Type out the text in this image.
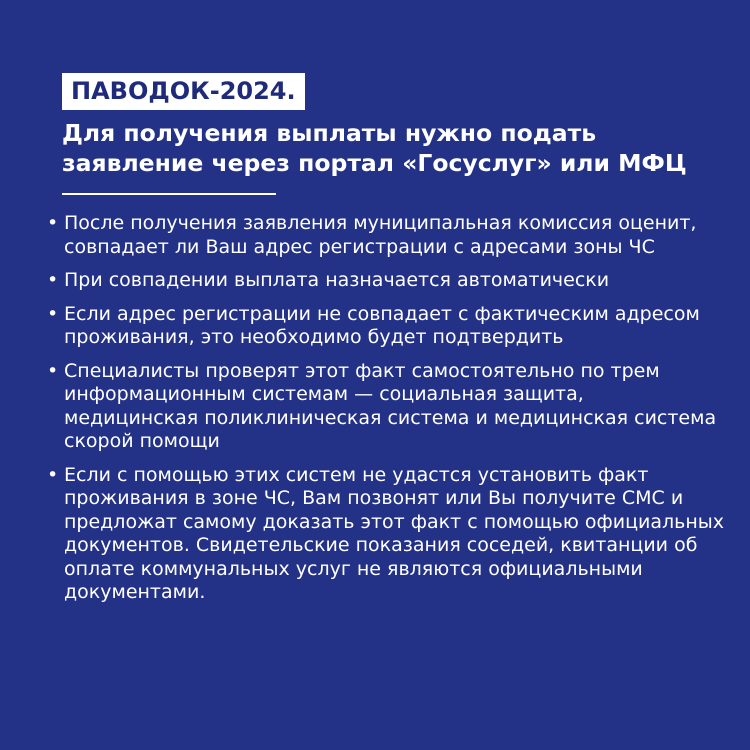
ПАВОДОК-2024.
Для получения выплаты нужно подать заявление через портал «Госуслуг» или МФЦ
• После получения заявления муниципальная комиссия оценит, совпадает ли Ваш адрес регистрации с адресами зоны ЧС
• При совпадении выплата назначается автоматически
• Если адрес регистрации не совпадает с фактическим адресом проживания, это необходимо будет подтвердить
• Специалисты проверят этот факт самостоятельно по трем информационным системам — социальная защита, медицинская поликлиническая система и медицинская система скорой помощи
• Если с помощью этих систем не удастся установить факт проживания в зоне ЧС, Вам позвонят или Вы получите СМС и предложат самому доказать этот факт с помощью официальных документов. Свидетельские показания соседей, квитанции об оплате коммунальных услуг не являются официальными документами.
